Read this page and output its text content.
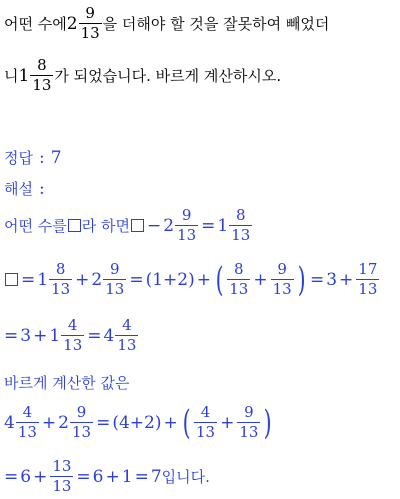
어떤 수에 $2 \frac{9}{13}$ 을 더해야 할 것을 잘못하여 빼었더
니 $1 \frac{8}{13}$ 가 되었습니다. 바르게 계산하시오.
정답 : 7
해설 :
어떤 수를 라 하면 − $2 \frac{9}{13} = 1 \frac{8}{13}$
= $1 \frac{8}{13} + 2 \frac{9}{13} = (1+2)$ + ( $\frac{8}{13} + \frac{9}{13}$ ) = $3 + \frac{17}{13}$
= $3 + 1 \frac{4}{13} = 4 \frac{4}{13}$
바르게 계산한 값은
$4 \frac{4}{13} + 2 \frac{9}{13} = (4+2)$ + ( $\frac{4}{13} + \frac{9}{13}$ )
= $6 + \frac{13}{13} = 6 + 1 = 7$ 입니다.
